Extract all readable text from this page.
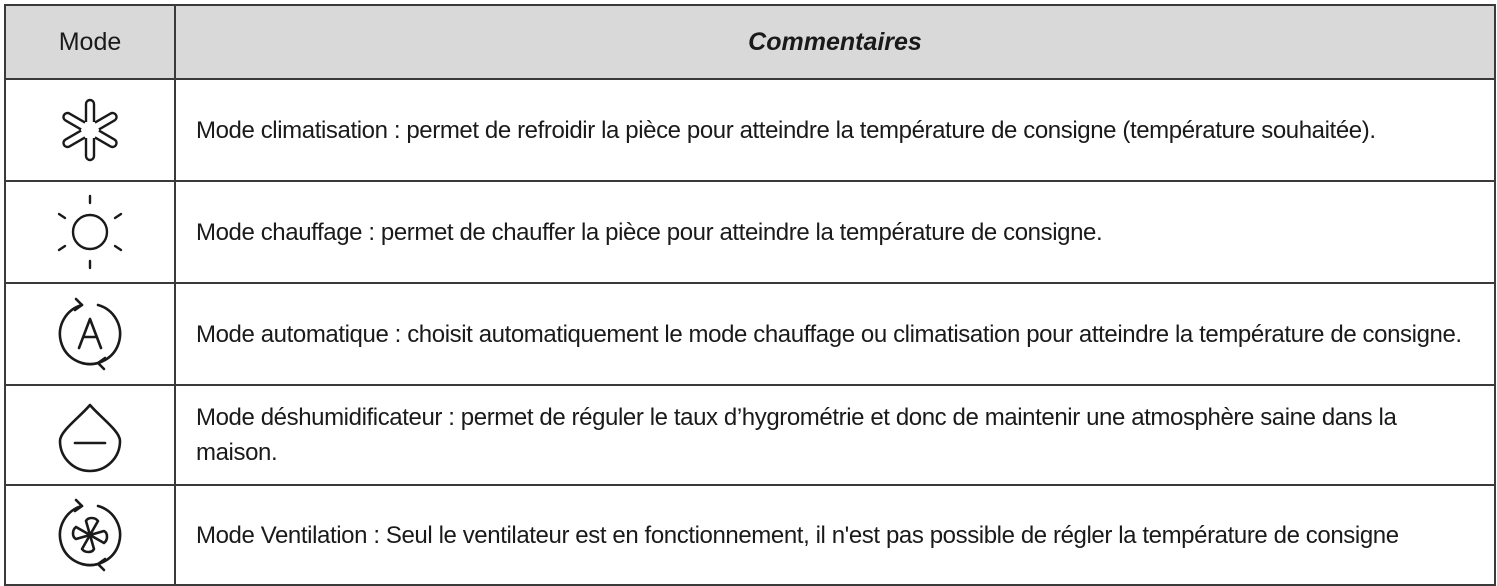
Mode	Commentaires

	Mode climatisation : permet de refroidir la pièce pour atteindre la température de consigne (température souhaitée).

	Mode chauffage : permet de chauffer la pièce pour atteindre la température de consigne.

	Mode automatique : choisit automatiquement le mode chauffage ou climatisation pour atteindre la température de consigne.

	Mode déshumidificateur : permet de réguler le taux d’hygrométrie et donc de maintenir une atmosphère saine dans la maison.

	Mode Ventilation : Seul le ventilateur est en fonctionnement, il n'est pas possible de régler la température de consigne
